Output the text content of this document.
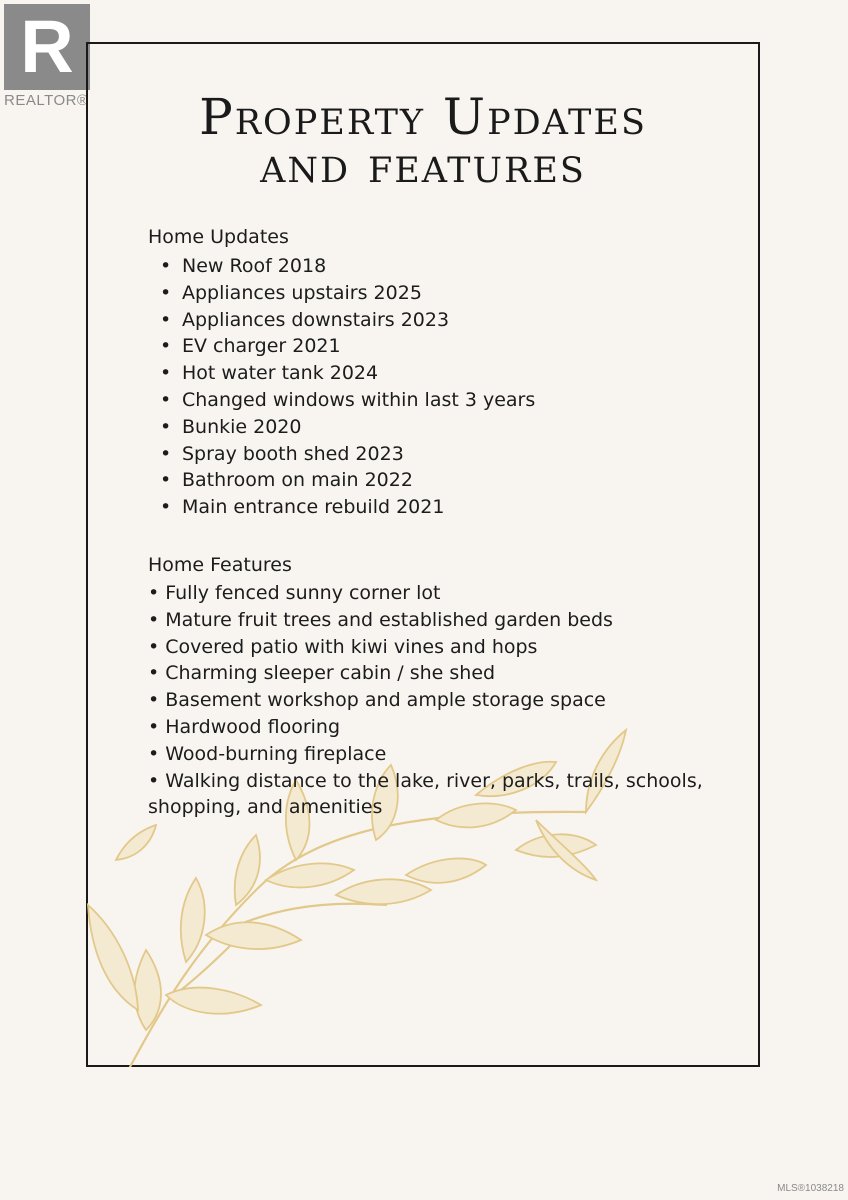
R
REALTOR®	Property Updates
and features
Home Updates
• New Roof 2018
• Appliances upstairs 2025
• Appliances downstairs 2023
• EV charger 2021
• Hot water tank 2024
• Changed windows within last 3 years
• Bunkie 2020
• Spray booth shed 2023
• Bathroom on main 2022
• Main entrance rebuild 2021
Home Features
• Fully fenced sunny corner lot
• Mature fruit trees and established garden beds
• Covered patio with kiwi vines and hops
• Charming sleeper cabin / she shed
• Basement workshop and ample storage space
• Hardwood flooring
• Wood-burning fireplace
• Walking distance to the lake, river, parks, trails, schools, shopping, and amenities
MLS®1038218
